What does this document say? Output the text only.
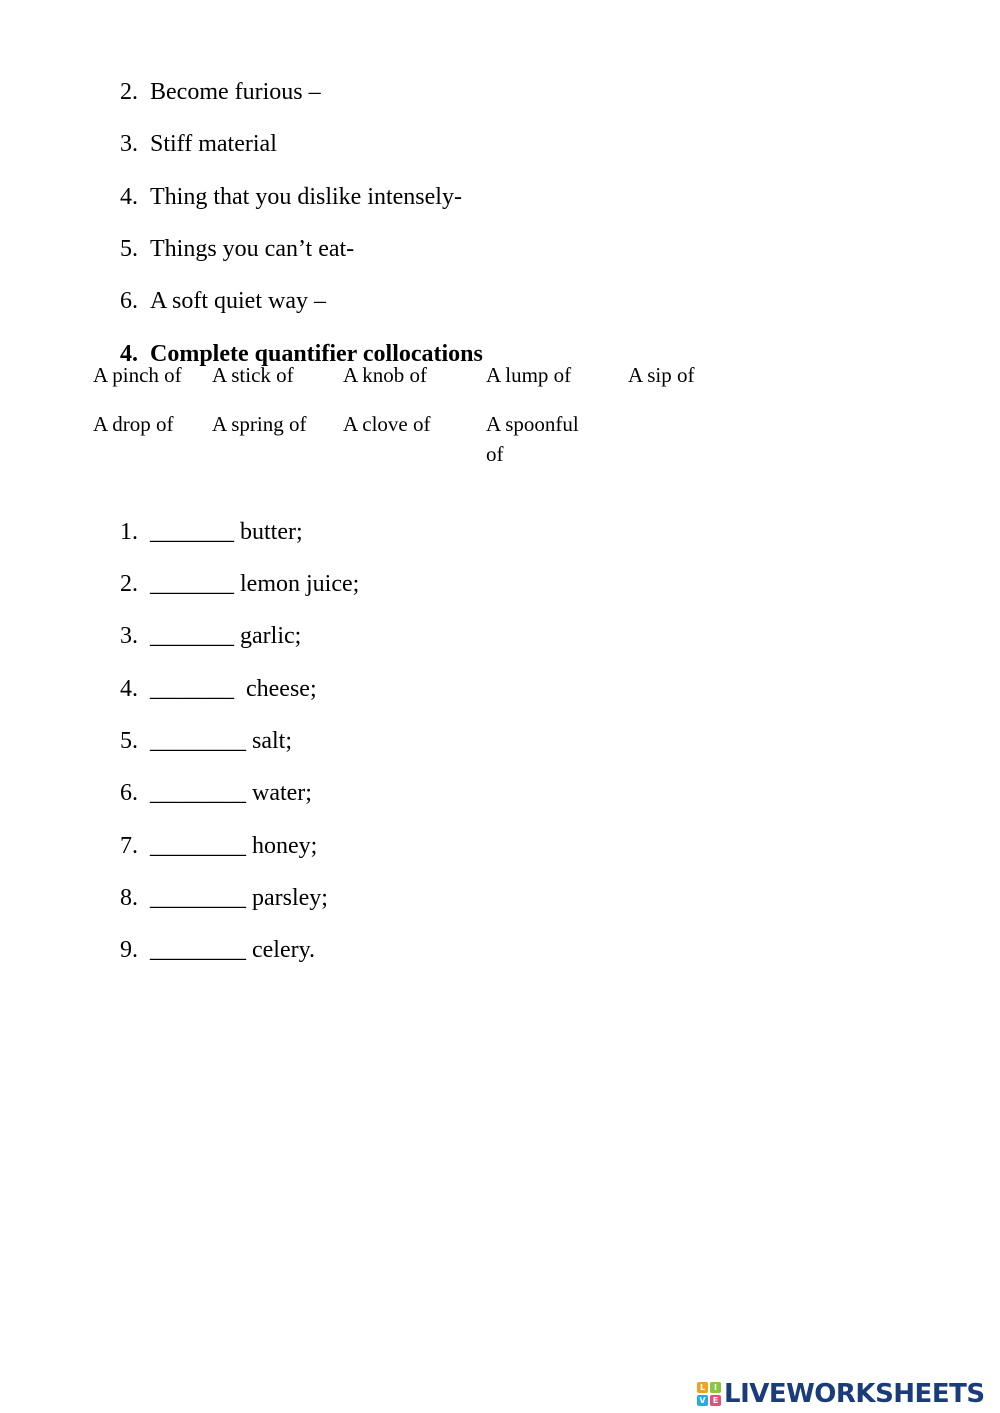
2. Become furious –

3. Stiff material

4. Thing that you dislike intensely-

5. Things you can’t eat-

6. A soft quiet way –

4. Complete quantifier collocations

A pinch of	A stick of	A knob of	A lump of	A sip of
A drop of	A spring of	A clove of	A spoonful of

1. _______ butter;

2. _______ lemon juice;

3. _______ garlic;

4. _______  cheese;

5. ________ salt;

6. ________ water;

7. ________ honey;

8. ________ parsley;

9. ________ celery.

L	I
V E LIVEWORKSHEETS
